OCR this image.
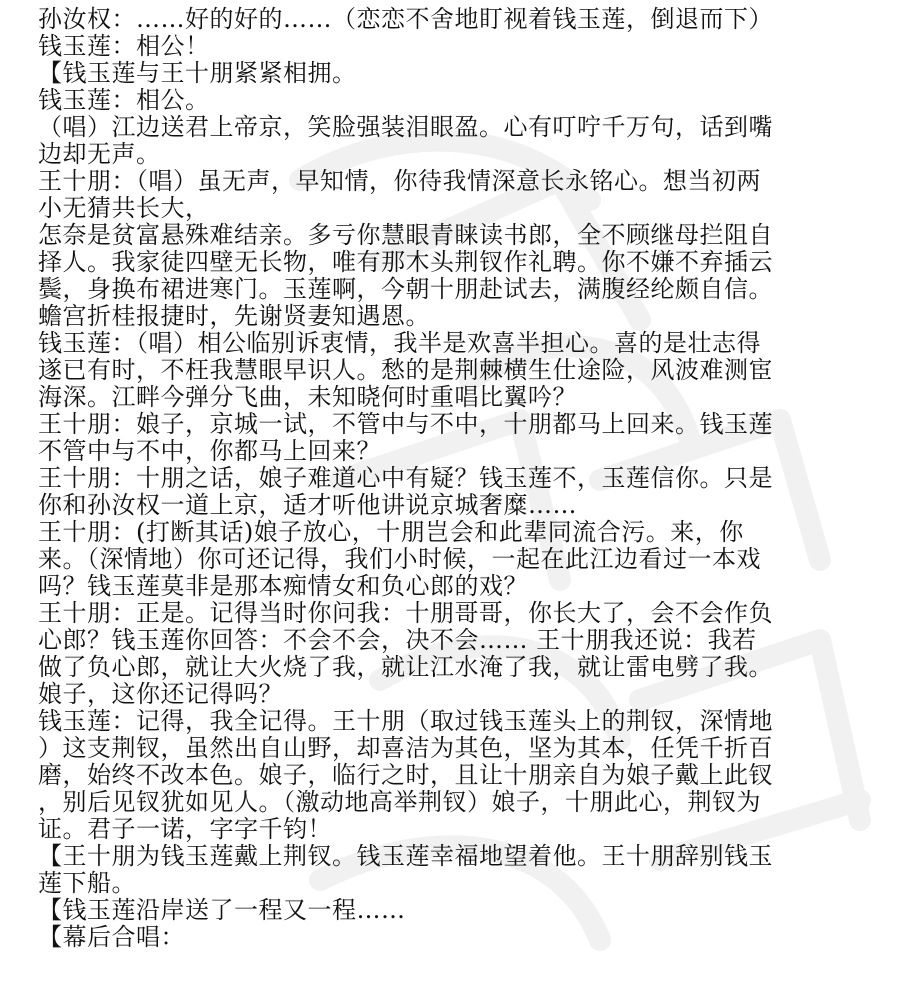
孙汝权：……好的好的……（恋恋不舍地盯视着钱玉莲，倒退而下）
钱玉莲：相公！
【钱玉莲与王十朋紧紧相拥。
钱玉莲：相公。
（唱）江边送君上帝京，笑脸强装泪眼盈。心有叮咛千万句，话到嘴
边却无声。
王十朋：（唱）虽无声，早知情，你待我情深意长永铭心。想当初两
小无猜共长大，
怎奈是贫富悬殊难结亲。多亏你慧眼青睐读书郎，全不顾继母拦阻自
择人。我家徒四壁无长物，唯有那木头荆钗作礼聘。你不嫌不弃插云
鬓，身换布裙进寒门。玉莲啊，今朝十朋赴试去，满腹经纶颇自信。
蟾宫折桂报捷时，先谢贤妻知遇恩。
钱玉莲：（唱）相公临别诉衷情，我半是欢喜半担心。喜的是壮志得
遂已有时，不枉我慧眼早识人。愁的是荆棘横生仕途险，风波难测宦
海深。江畔今弹分飞曲，未知晓何时重唱比翼吟？
王十朋：娘子，京城一试，不管中与不中，十朋都马上回来。钱玉莲
不管中与不中，你都马上回来？
王十朋：十朋之话，娘子难道心中有疑？钱玉莲不，玉莲信你。只是
你和孙汝权一道上京，适才听他讲说京城奢糜……
王十朋：(打断其话)娘子放心，十朋岂会和此辈同流合污。来，你
来。（深情地）你可还记得，我们小时候，一起在此江边看过一本戏
吗？钱玉莲莫非是那本痴情女和负心郎的戏？
王十朋：正是。记得当时你问我：十朋哥哥，你长大了，会不会作负
心郎？钱玉莲你回答：不会不会，决不会…… 王十朋我还说：我若
做了负心郎，就让大火烧了我，就让江水淹了我，就让雷电劈了我。
娘子，这你还记得吗？
钱玉莲：记得，我全记得。王十朋（取过钱玉莲头上的荆钗，深情地
）这支荆钗，虽然出自山野，却喜洁为其色，坚为其本，任凭千折百
磨，始终不改本色。娘子，临行之时，且让十朋亲自为娘子戴上此钗
，别后见钗犹如见人。（激动地高举荆钗）娘子，十朋此心，荆钗为
证。君子一诺，字字千钧！
【王十朋为钱玉莲戴上荆钗。钱玉莲幸福地望着他。王十朋辞别钱玉
莲下船。
【钱玉莲沿岸送了一程又一程……
【幕后合唱：
